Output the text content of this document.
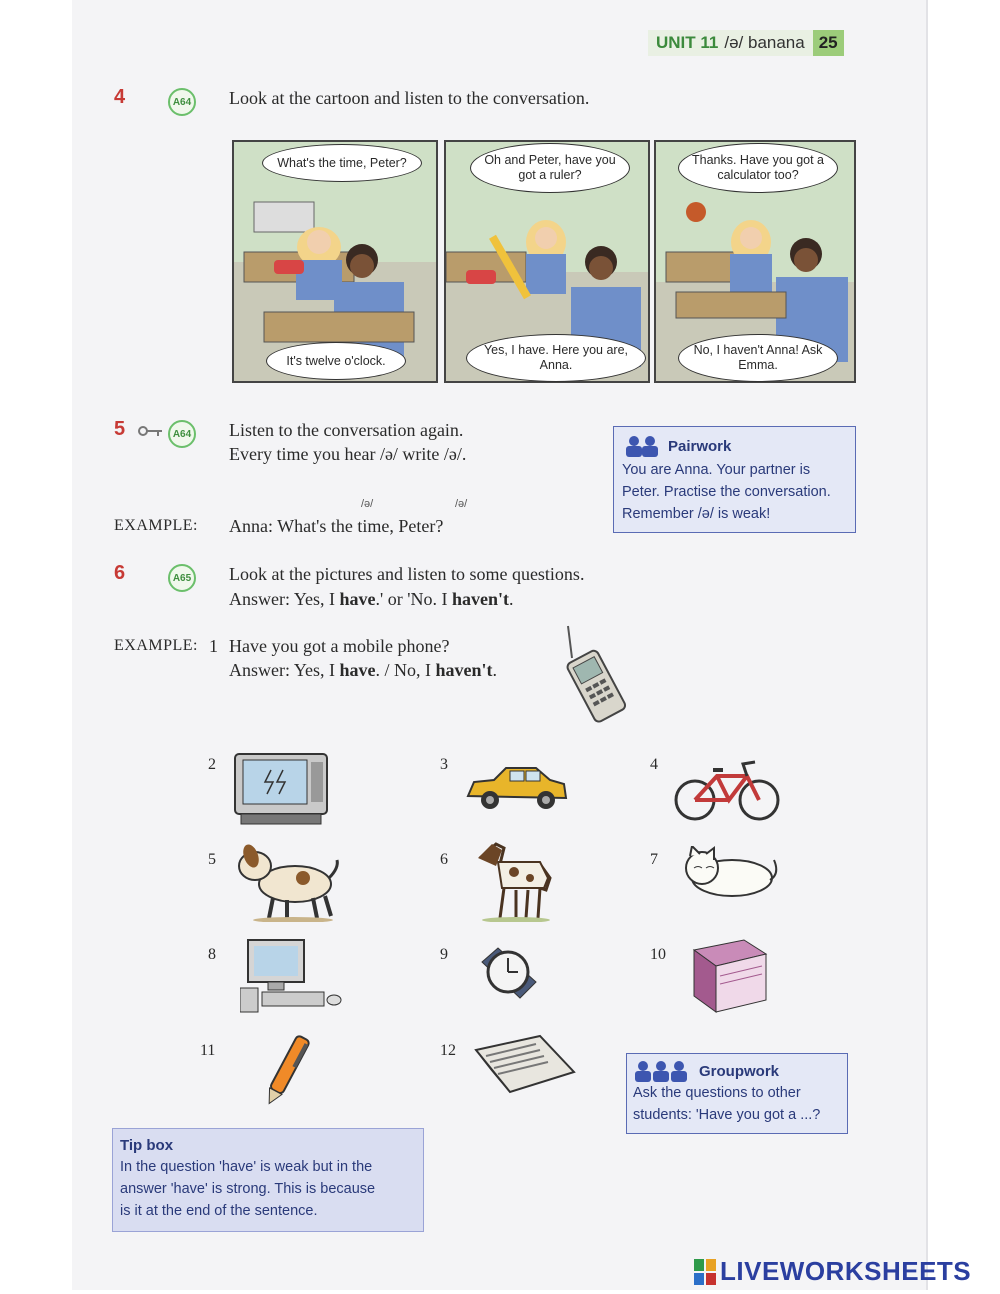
UNIT 11 /ə/ banana 25
4	A64 Look at the cartoon and listen to the conversation.
What's the time, Peter?
It's twelve o'clock.
Oh and Peter, have you got a ruler?
Yes, I have. Here you are, Anna.
Thanks. Have you got a calculator too?
No, I haven't Anna! Ask Emma.
5	A64 Listen to the conversation again.
Every time you hear /ə/ write /ə/.
/ə/	/ə/
EXAMPLE: Anna: What's the time, Peter?
Pairwork
You are Anna. Your partner is
Peter. Practise the conversation.
Remember /ə/ is weak!
6	A65 Look at the pictures and listen to some questions.
Answer: Yes, I have.' or 'No. I haven't.
EXAMPLE: 1 Have you got a mobile phone?
Answer: Yes, I have. / No, I haven't.
2	3	4
5	6	7
8	9	10
11	12
Groupwork
Ask the questions to other
students: 'Have you got a ...?
Tip box
In the question 'have' is weak but in the
answer 'have' is strong. This is because
is it at the end of the sentence.
LIVEWORKSHEETS
